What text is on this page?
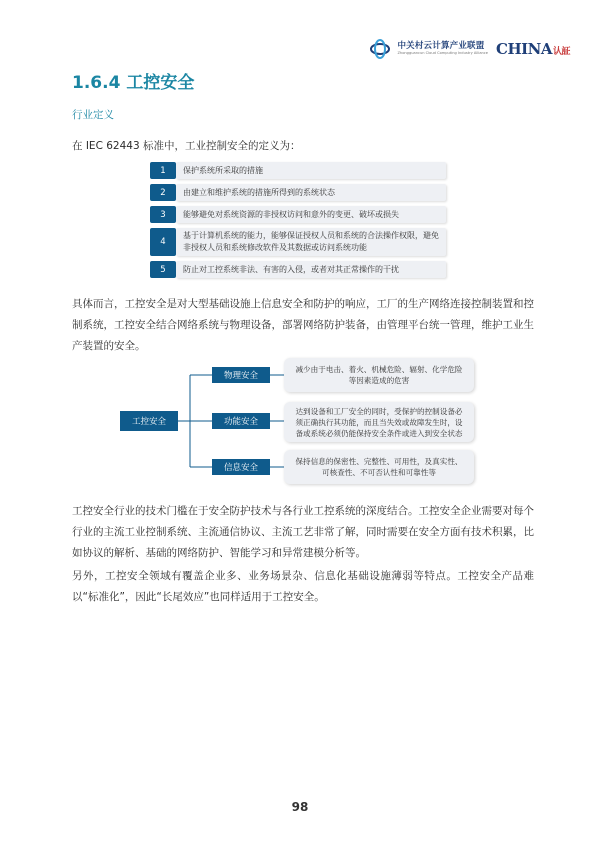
中关村云计算产业联盟
Zhongguancun Cloud Computing Industry Alliance CHINA认証
1.6.4 工控安全
行业定义
在 IEC 62443 标准中，工业控制安全的定义为：
1	保护系统所采取的措施
2	由建立和维护系统的措施所得到的系统状态
3	能够避免对系统资源的非授权访问和意外的变更、破坏或损失
4
基于计算机系统的能力，能够保证授权人员和系统的合法操作权限，避免非授权人员和系统修改软件及其数据或访问系统功能
5	防止对工控系统非法、有害的入侵，或者对其正常操作的干扰
具体而言，工控安全是对大型基础设施上信息安全和防护的响应，工厂的生产网络连接控制装置和控制系统，工控安全结合网络系统与物理设备，部署网络防护装备，由管理平台统一管理，维护工业生产装置的安全。
工控安全
物理安全
减少由于电击、着火、机械危险、辐射、化学危险等因素造成的危害
功能安全
达到设备和工厂安全的同时，受保护的控制设备必须正确执行其功能，而且当失效或故障发生时，设备或系统必须仍能保持安全条件或进入到安全状态
信息安全
保持信息的保密性、完整性、可用性，及真实性、可核查性、不可否认性和可靠性等
工控安全行业的技术门槛在于安全防护技术与各行业工控系统的深度结合。工控安全企业需要对每个行业的主流工业控制系统、主流通信协议、主流工艺非常了解，同时需要在安全方面有技术积累，比如协议的解析、基础的网络防护、智能学习和异常建模分析等。
另外，工控安全领域有覆盖企业多、业务场景杂、信息化基础设施薄弱等特点。工控安全产品难以“标准化”，因此“长尾效应”也同样适用于工控安全。
98
